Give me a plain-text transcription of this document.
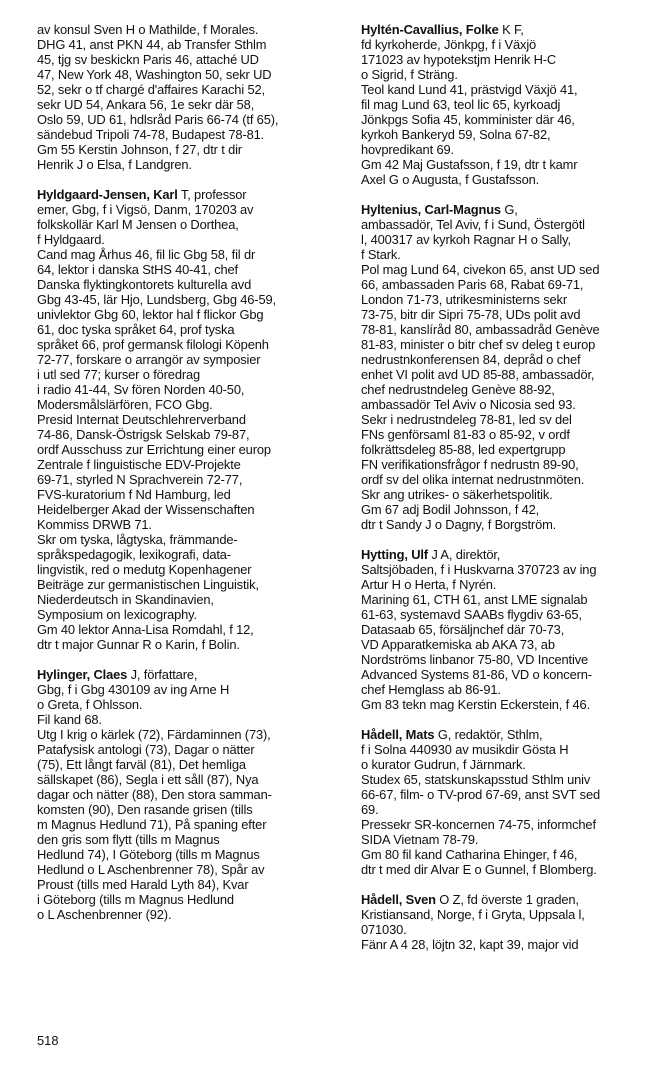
av konsul Sven H o Mathilde, f Morales.
DHG 41, anst PKN 44, ab Transfer Sthlm
45, tjg sv beskickn Paris 46, attaché UD
47, New York 48, Washington 50, sekr UD
52, sekr o tf chargé d'affaires Karachi 52,
sekr UD 54, Ankara 56, 1e sekr där 58,
Oslo 59, UD 61, hdlsråd Paris 66-74 (tf 65),
sändebud Tripoli 74-78, Budapest 78-81.
Gm 55 Kerstin Johnson, f 27, dtr t dir
Henrik J o Elsa, f Landgren.
Hyldgaard-Jensen, Karl T, professor
emer, Gbg, f i Vigsö, Danm, 170203 av
folkskollär Karl M Jensen o Dorthea,
f Hyldgaard.
Cand mag Århus 46, fil lic Gbg 58, fil dr
64, lektor i danska StHS 40-41, chef
Danska flyktingkontorets kulturella avd
Gbg 43-45, lär Hjo, Lundsberg, Gbg 46-59,
univlektor Gbg 60, lektor hal f flickor Gbg
61, doc tyska språket 64, prof tyska
språket 66, prof germansk filologi Köpenh
72-77, forskare o arrangör av symposier
i utl sed 77; kurser o föredrag
i radio 41-44, Sv fören Norden 40-50,
Modersmålslärfören, FCO Gbg.
Presid Internat Deutschlehrerverband
74-86, Dansk-Östrigsk Selskab 79-87,
ordf Ausschuss zur Errichtung einer europ
Zentrale f linguistische EDV-Projekte
69-71, styrled N Sprachverein 72-77,
FVS-kuratorium f Nd Hamburg, led
Heidelberger Akad der Wissenschaften
Kommiss DRWB 71.
Skr om tyska, lågtyska, främmande-
språkspedagogik, lexikografi, data-
lingvistik, red o medutg Kopenhagener
Beiträge zur germanistischen Linguistik,
Niederdeutsch in Skandinavien,
Symposium on lexicography.
Gm 40 lektor Anna-Lisa Romdahl, f 12,
dtr t major Gunnar R o Karin, f Bolin.
Hylinger, Claes J, författare,
Gbg, f i Gbg 430109 av ing Arne H
o Greta, f Ohlsson.
Fil kand 68.
Utg I krig o kärlek (72), Färdaminnen (73),
Patafysisk antologi (73), Dagar o nätter
(75), Ett långt farväl (81), Det hemliga
sällskapet (86), Segla i ett såll (87), Nya
dagar och nätter (88), Den stora samman-
komsten (90), Den rasande grisen (tills
m Magnus Hedlund 71), På spaning efter
den gris som flytt (tills m Magnus
Hedlund 74), I Göteborg (tills m Magnus
Hedlund o L Aschenbrenner 78), Spår av
Proust (tills med Harald Lyth 84), Kvar
i Göteborg (tills m Magnus Hedlund
o L Aschenbrenner (92).
Hyltén-Cavallius, Folke K F,
fd kyrkoherde, Jönkpg, f i Växjö
171023 av hypotekstjm Henrik H-C
o Sigrid, f Sträng.
Teol kand Lund 41, prästvigd Växjö 41,
fil mag Lund 63, teol lic 65, kyrkoadj
Jönkpgs Sofia 45, komminister där 46,
kyrkoh Bankeryd 59, Solna 67-82,
hovpredikant 69.
Gm 42 Maj Gustafsson, f 19, dtr t kamr
Axel G o Augusta, f Gustafsson.
Hyltenius, Carl-Magnus G,
ambassadör, Tel Aviv, f i Sund, Östergötl
l, 400317 av kyrkoh Ragnar H o Sally,
f Stark.
Pol mag Lund 64, civekon 65, anst UD sed
66, ambassaden Paris 68, Rabat 69-71,
London 71-73, utrikesministerns sekr
73-75, bitr dir Sipri 75-78, UDs polit avd
78-81, kanslíråd 80, ambassadråd Genève
81-83, minister o bitr chef sv deleg t europ
nedrustnkonferensen 84, depråd o chef
enhet VI polit avd UD 85-88, ambassadör,
chef nedrustndeleg Genève 88-92,
ambassadör Tel Aviv o Nicosia sed 93.
Sekr i nedrustndeleg 78-81, led sv del
FNs genförsaml 81-83 o 85-92, v ordf
folkrättsdeleg 85-88, led expertgrupp
FN verifikationsfrågor f nedrustn 89-90,
ordf sv del olika internat nedrustnmöten.
Skr ang utrikes- o säkerhetspolitik.
Gm 67 adj Bodil Johnsson, f 42,
dtr t Sandy J o Dagny, f Borgström.
Hytting, Ulf J A, direktör,
Saltsjöbaden, f i Huskvarna 370723 av ing
Artur H o Herta, f Nyrén.
Marining 61, CTH 61, anst LME signalab
61-63, systemavd SAABs flygdiv 63-65,
Datasaab 65, försäljnchef där 70-73,
VD Apparatkemiska ab AKA 73, ab
Nordströms linbanor 75-80, VD Incentive
Advanced Systems 81-86, VD o koncern-
chef Hemglass ab 86-91.
Gm 83 tekn mag Kerstin Eckerstein, f 46.
Hådell, Mats G, redaktör, Sthlm,
f i Solna 440930 av musikdir Gösta H
o kurator Gudrun, f Järnmark.
Studex 65, statskunskapsstud Sthlm univ
66-67, film- o TV-prod 67-69, anst SVT sed
69.
Pressekr SR-koncernen 74-75, informchef
SIDA Vietnam 78-79.
Gm 80 fil kand Catharina Ehinger, f 46,
dtr t med dir Alvar E o Gunnel, f Blomberg.
Hådell, Sven O Z, fd överste 1 graden,
Kristiansand, Norge, f i Gryta, Uppsala l,
071030.
Fänr A 4 28, löjtn 32, kapt 39, major vid
518
